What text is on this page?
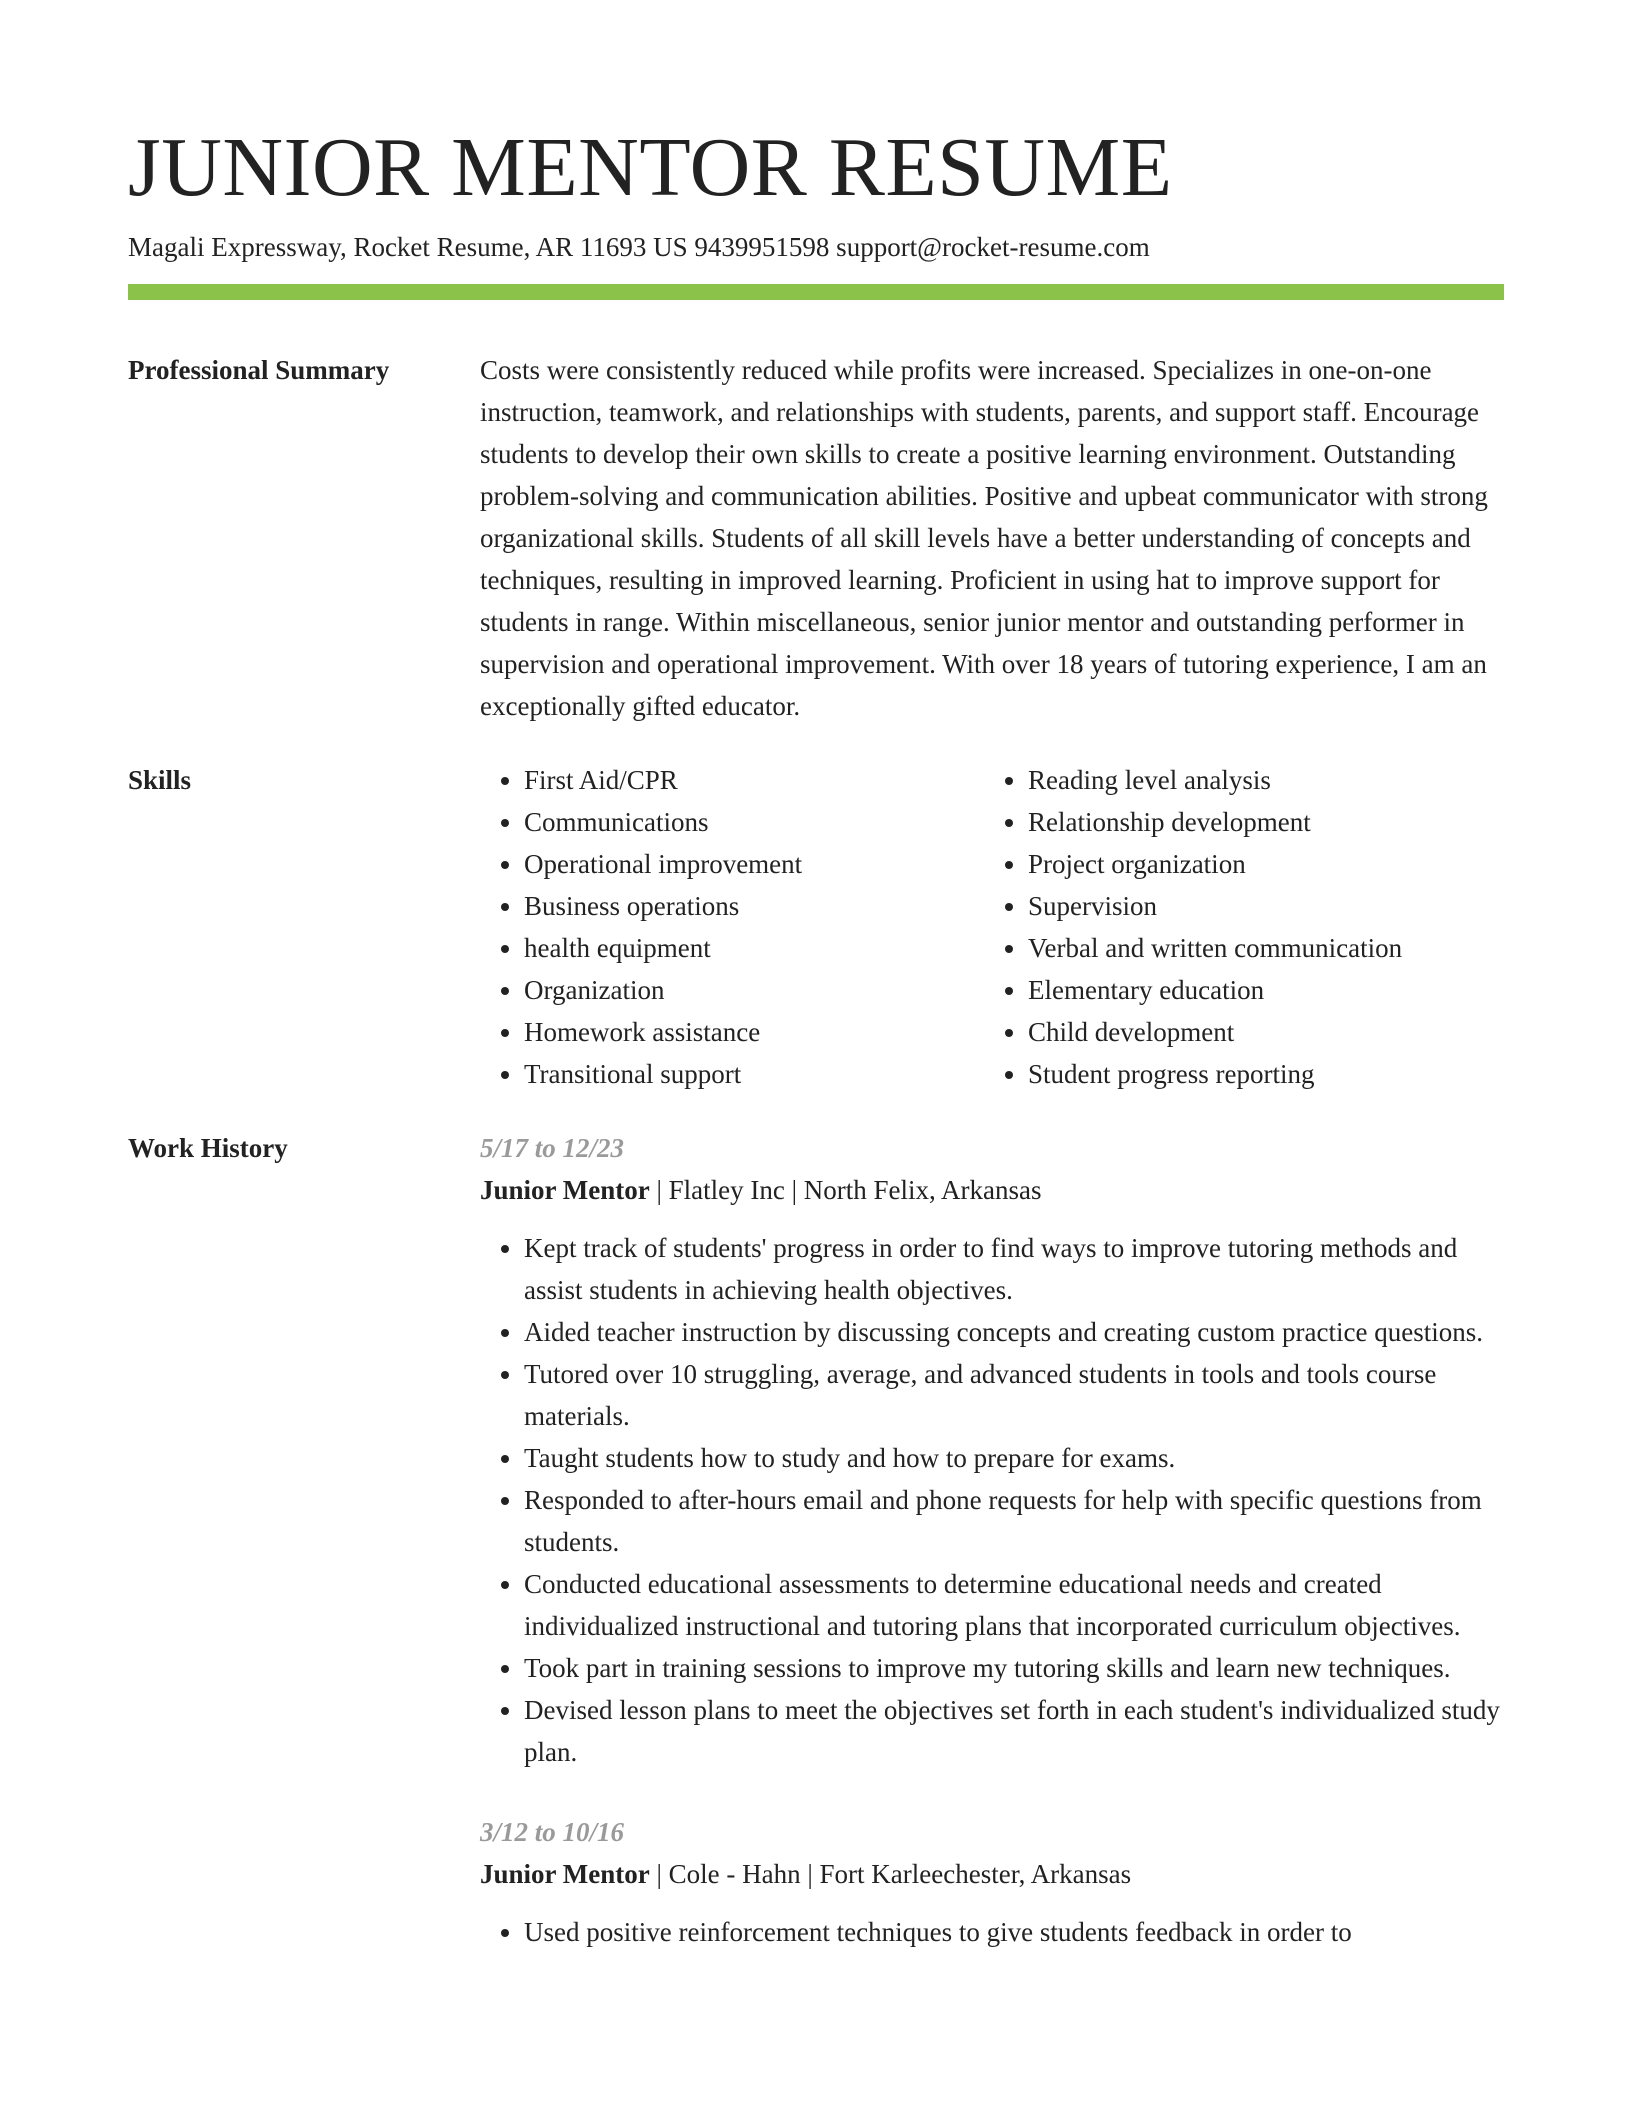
JUNIOR MENTOR RESUME
Magali Expressway, Rocket Resume, AR 11693 US 9439951598 support@rocket-resume.com
Professional Summary	Costs were consistently reduced while profits were increased. Specializes in one-on-one instruction, teamwork, and relationships with students, parents, and support staff. Encourage students to develop their own skills to create a positive learning environment. Outstanding problem-solving and communication abilities. Positive and upbeat communicator with strong organizational skills. Students of all skill levels have a better understanding of concepts and techniques, resulting in improved learning. Proficient in using hat to improve support for students in range. Within miscellaneous, senior junior mentor and outstanding performer in supervision and operational improvement. With over 18 years of tutoring experience, I am an exceptionally gifted educator.
Skills
•	First Aid/CPR
• Communications
• Operational improvement
• Business operations
• health equipment
• Organization
• Homework assistance
• Transitional support
• Reading level analysis
• Relationship development
• Project organization
• Supervision
• Verbal and written communication
• Elementary education
• Child development
• Student progress reporting
Work History	5/17 to 12/23
Junior Mentor | Flatley Inc | North Felix, Arkansas
• Kept track of students' progress in order to find ways to improve tutoring methods and assist students in achieving health objectives.
• Aided teacher instruction by discussing concepts and creating custom practice questions.
• Tutored over 10 struggling, average, and advanced students in tools and tools course materials.
• Taught students how to study and how to prepare for exams.
• Responded to after-hours email and phone requests for help with specific questions from students.
• Conducted educational assessments to determine educational needs and created individualized instructional and tutoring plans that incorporated curriculum objectives.
• Took part in training sessions to improve my tutoring skills and learn new techniques.
• Devised lesson plans to meet the objectives set forth in each student's individualized study plan.
3/12 to 10/16
Junior Mentor | Cole - Hahn | Fort Karleechester, Arkansas
• Used positive reinforcement techniques to give students feedback in order to
